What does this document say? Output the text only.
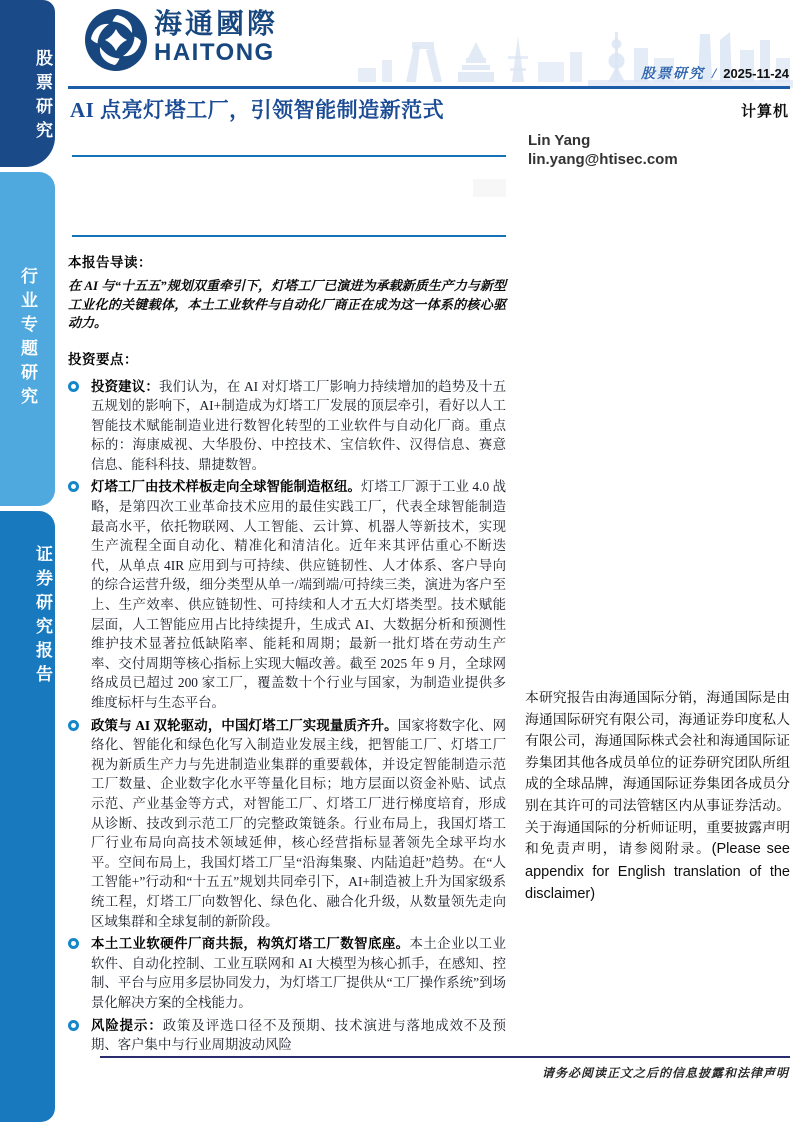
股票研究
行业专题研究
证券研究报告
海通國際
HAITONG
股票研究 / 2025-11-24
AI 点亮灯塔工厂，引领智能制造新范式	计算机
Lin Yang
lin.yang@htisec.com
本报告导读：
在 AI 与“十五五”规划双重牵引下，灯塔工厂已演进为承载新质生产力与新型工业化的关键载体，本土工业软件与自动化厂商正在成为这一体系的核心驱动力。
投资要点：

投资建议：我们认为，在 AI 对灯塔工厂影响力持续增加的趋势及十五五规划的影响下，AI+制造成为灯塔工厂发展的顶层牵引，看好以人工智能技术赋能制造业进行数智化转型的工业软件与自动化厂商。重点标的：海康威视、大华股份、中控技术、宝信软件、汉得信息、赛意信息、能科科技、鼎捷数智。

灯塔工厂由技术样板走向全球智能制造枢纽。灯塔工厂源于工业 4.0 战略，是第四次工业革命技术应用的最佳实践工厂，代表全球智能制造最高水平，依托物联网、人工智能、云计算、机器人等新技术，实现生产流程全面自动化、精准化和清洁化。近年来其评估重心不断迭代，从单点 4IR 应用到与可持续、供应链韧性、人才体系、客户导向的综合运营升级，细分类型从单一/端到端/可持续三类，演进为客户至上、生产效率、供应链韧性、可持续和人才五大灯塔类型。技术赋能层面，人工智能应用占比持续提升，生成式 AI、大数据分析和预测性维护技术显著拉低缺陷率、能耗和周期；最新一批灯塔在劳动生产率、交付周期等核心指标上实现大幅改善。截至 2025 年 9 月，全球网络成员已超过 200 家工厂，覆盖数十个行业与国家，为制造业提供多维度标杆与生态平台。

政策与 AI 双轮驱动，中国灯塔工厂实现量质齐升。国家将数字化、网络化、智能化和绿色化写入制造业发展主线，把智能工厂、灯塔工厂视为新质生产力与先进制造业集群的重要载体，并设定智能制造示范工厂数量、企业数字化水平等量化目标；地方层面以资金补贴、试点示范、产业基金等方式，对智能工厂、灯塔工厂进行梯度培育，形成从诊断、技改到示范工厂的完整政策链条。行业布局上，我国灯塔工厂行业布局向高技术领域延伸，核心经营指标显著领先全球平均水平。空间布局上，我国灯塔工厂呈“沿海集聚、内陆追赶”趋势。在“人工智能+”行动和“十五五”规划共同牵引下，AI+制造被上升为国家级系统工程，灯塔工厂向数智化、绿色化、融合化升级，从数量领先走向区域集群和全球复制的新阶段。

本土工业软硬件厂商共振，构筑灯塔工厂数智底座。本土企业以工业软件、自动化控制、工业互联网和 AI 大模型为核心抓手，在感知、控制、平台与应用多层协同发力，为灯塔工厂提供从“工厂操作系统”到场景化解决方案的全栈能力。

风险提示：政策及评选口径不及预期、技术演进与落地成效不及预期、客户集中与行业周期波动风险

本研究报告由海通国际分销，海通国际是由海通国际研究有限公司，海通证券印度私人有限公司，海通国际株式会社和海通国际证券集团其他各成员单位的证券研究团队所组成的全球品牌，海通国际证券集团各成员分别在其许可的司法管辖区内从事证券活动。关于海通国际的分析师证明，重要披露声明和免责声明，请参阅附录。(Please see appendix for English translation of the disclaimer)
请务必阅读正文之后的信息披露和法律声明
